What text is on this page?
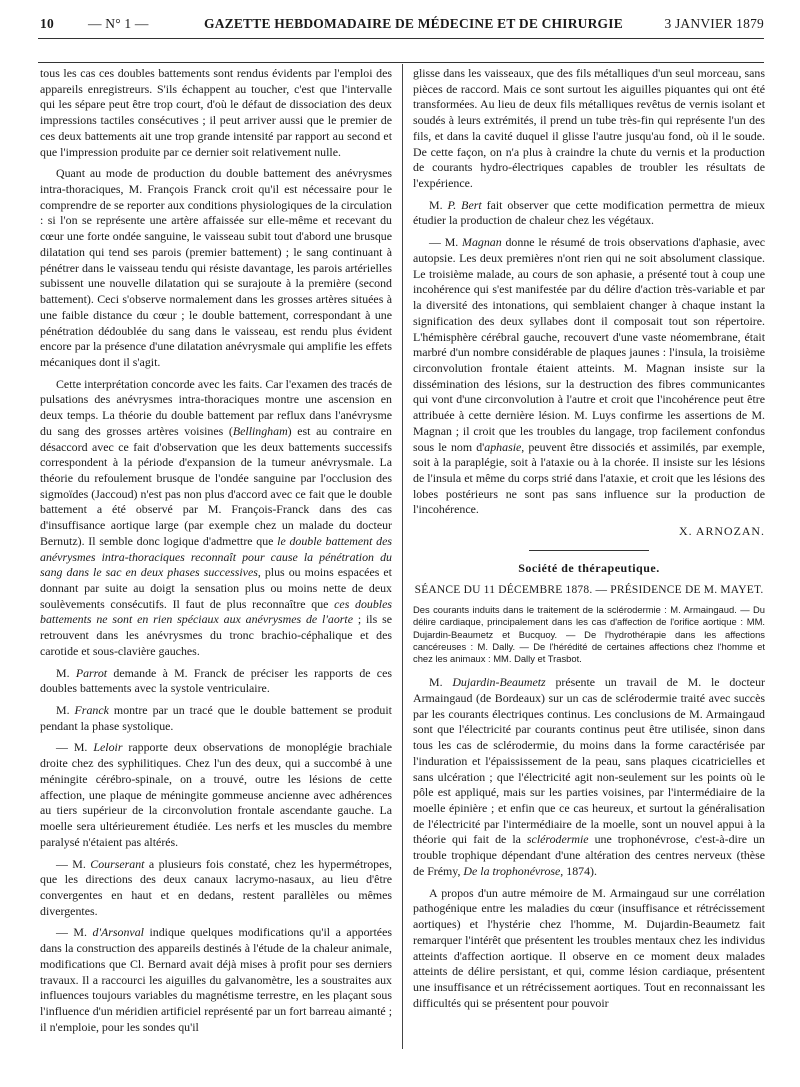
10	— N° 1 —	GAZETTE HEBDOMADAIRE DE MÉDECINE ET DE CHIRURGIE	3 JANVIER 1879

tous les cas ces doubles battements sont rendus évidents par l'emploi des appareils enregistreurs. S'ils échappent au toucher, c'est que l'intervalle qui les sépare peut être trop court, d'où le défaut de dissociation des deux impressions tactiles consécutives ; il peut arriver aussi que le premier de ces deux battements ait une trop grande intensité par rapport au second et que l'impression produite par ce dernier soit relativement nulle.

Quant au mode de production du double battement des anévrysmes intra-thoraciques, M. François Franck croit qu'il est nécessaire pour le comprendre de se reporter aux conditions physiologiques de la circulation : si l'on se représente une artère affaissée sur elle-même et recevant du cœur une forte ondée sanguine, le vaisseau subit tout d'abord une brusque dilatation qui tend ses parois (premier battement) ; le sang continuant à pénétrer dans le vaisseau tendu qui résiste davantage, les parois artérielles subissent une nouvelle dilatation qui se surajoute à la première (second battement). Ceci s'observe normalement dans les grosses artères situées à une faible distance du cœur ; le double battement, correspondant à une pénétration dédoublée du sang dans le vaisseau, est rendu plus évident encore par la présence d'une dilatation anévrysmale qui amplifie les effets mécaniques dont il s'agit.

Cette interprétation concorde avec les faits. Car l'examen des tracés de pulsations des anévrysmes intra-thoraciques montre une ascension en deux temps. La théorie du double battement par reflux dans l'anévrysme du sang des grosses artères voisines (Bellingham) est au contraire en désaccord avec ce fait d'observation que les deux battements successifs correspondent à la période d'expansion de la tumeur anévrysmale. La théorie du refoulement brusque de l'ondée sanguine par l'occlusion des sigmoïdes (Jaccoud) n'est pas non plus d'accord avec ce fait que le double battement a été observé par M. François-Franck dans des cas d'insuffisance aortique large (par exemple chez un malade du docteur Bernutz). Il semble donc logique d'admettre que le double battement des anévrysmes intra-thoraciques reconnaît pour cause la pénétration du sang dans le sac en deux phases successives, plus ou moins espacées et donnant par suite au doigt la sensation plus ou moins nette de deux soulèvements consécutifs. Il faut de plus reconnaître que ces doubles battements ne sont en rien spéciaux aux anévrysmes de l'aorte ; ils se retrouvent dans les anévrysmes du tronc brachio-céphalique et des carotide et sous-clavière gauches.

M. Parrot demande à M. Franck de préciser les rapports de ces doubles battements avec la systole ventriculaire.

M. Franck montre par un tracé que le double battement se produit pendant la phase systolique.

— M. Leloir rapporte deux observations de monoplégie brachiale droite chez des syphilitiques. Chez l'un des deux, qui a succombé à une méningite cérébro-spinale, on a trouvé, outre les lésions de cette affection, une plaque de méningite gommeuse ancienne avec adhérences au tiers supérieur de la circonvolution frontale ascendante gauche. La moelle sera ultérieurement étudiée. Les nerfs et les muscles du membre paralysé n'étaient pas altérés.

— M. Courserant a plusieurs fois constaté, chez les hypermétropes, que les directions des deux canaux lacrymo-nasaux, au lieu d'être convergentes en haut et en dedans, restent parallèles ou mêmes divergentes.

— M. d'Arsonval indique quelques modifications qu'il a apportées dans la construction des appareils destinés à l'étude de la chaleur animale, modifications que Cl. Bernard avait déjà mises à profit pour ses derniers travaux. Il a raccourci les aiguilles du galvanomètre, les a soustraites aux influences toujours variables du magnétisme terrestre, en les plaçant sous l'influence d'un méridien artificiel représenté par un fort barreau aimanté ; il n'emploie, pour les sondes qu'il

glisse dans les vaisseaux, que des fils métalliques d'un seul morceau, sans pièces de raccord. Mais ce sont surtout les aiguilles piquantes qui ont été transformées. Au lieu de deux fils métalliques revêtus de vernis isolant et soudés à leurs extrémités, il prend un tube très-fin qui représente l'un des fils, et dans la cavité duquel il glisse l'autre jusqu'au fond, où il le soude. De cette façon, on n'a plus à craindre la chute du vernis et la production de courants hydro-électriques capables de troubler les résultats de l'expérience.

M. P. Bert fait observer que cette modification permettra de mieux étudier la production de chaleur chez les végétaux.

— M. Magnan donne le résumé de trois observations d'aphasie, avec autopsie. Les deux premières n'ont rien qui ne soit absolument classique. Le troisième malade, au cours de son aphasie, a présenté tout à coup une incohérence qui s'est manifestée par du délire d'action très-variable et par la diversité des intonations, qui semblaient changer à chaque instant la signification des deux syllabes dont il composait tout son répertoire. L'hémisphère cérébral gauche, recouvert d'une vaste néomembrane, était marbré d'un nombre considérable de plaques jaunes : l'insula, la troisième circonvolution frontale étaient atteints. M. Magnan insiste sur la dissémination des lésions, sur la destruction des fibres communicantes qui vont d'une circonvolution à l'autre et croit que l'incohérence peut être attribuée à cette dernière lésion. M. Luys confirme les assertions de M. Magnan ; il croit que les troubles du langage, trop facilement confondus sous le nom d'aphasie, peuvent être dissociés et assimilés, par exemple, soit à la paraplégie, soit à l'ataxie ou à la chorée. Il insiste sur les lésions de l'insula et même du corps strié dans l'ataxie, et croit que les lésions des lobes postérieurs ne sont pas sans influence sur la production de l'incohérence.

X. ARNOZAN.

Société de thérapeutique.
SÉANCE DU 11 DÉCEMBRE 1878. — PRÉSIDENCE DE M. MAYET.
Des courants induits dans le traitement de la sclérodermie : M. Armaingaud. — Du délire cardiaque, principalement dans les cas d'affection de l'orifice aortique : MM. Dujardin-Beaumetz et Bucquoy. — De l'hydrothérapie dans les affections cancéreuses : M. Dally. — De l'hérédité de certaines affections chez l'homme et chez les animaux : MM. Dally et Trasbot.

M. Dujardin-Beaumetz présente un travail de M. le docteur Armaingaud (de Bordeaux) sur un cas de sclérodermie traité avec succès par les courants électriques continus. Les conclusions de M. Armaingaud sont que l'électricité par courants continus peut être utilisée, sinon dans tous les cas de sclérodermie, du moins dans la forme caractérisée par l'induration et l'épaississement de la peau, sans plaques cicatricielles et sans ulcération ; que l'électricité agit non-seulement sur les points où le pôle est appliqué, mais sur les parties voisines, par l'intermédiaire de la moelle épinière ; et enfin que ce cas heureux, et surtout la généralisation de l'électricité par l'intermédiaire de la moelle, sont un nouvel appui à la théorie qui fait de la sclérodermie une trophonévrose, c'est-à-dire un trouble trophique dépendant d'une altération des centres nerveux (thèse de Frémy, De la trophonévrose, 1874).

A propos d'un autre mémoire de M. Armaingaud sur une corrélation pathogénique entre les maladies du cœur (insuffisance et rétrécissement aortiques) et l'hystérie chez l'homme, M. Dujardin-Beaumetz fait remarquer l'intérêt que présentent les troubles mentaux chez les individus atteints d'affection aortique. Il observe en ce moment deux malades atteints de délire persistant, et qui, comme lésion cardiaque, présentent une insuffisance et un rétrécissement aortiques. Tout en reconnaissant les difficultés qui se présentent pour pouvoir
